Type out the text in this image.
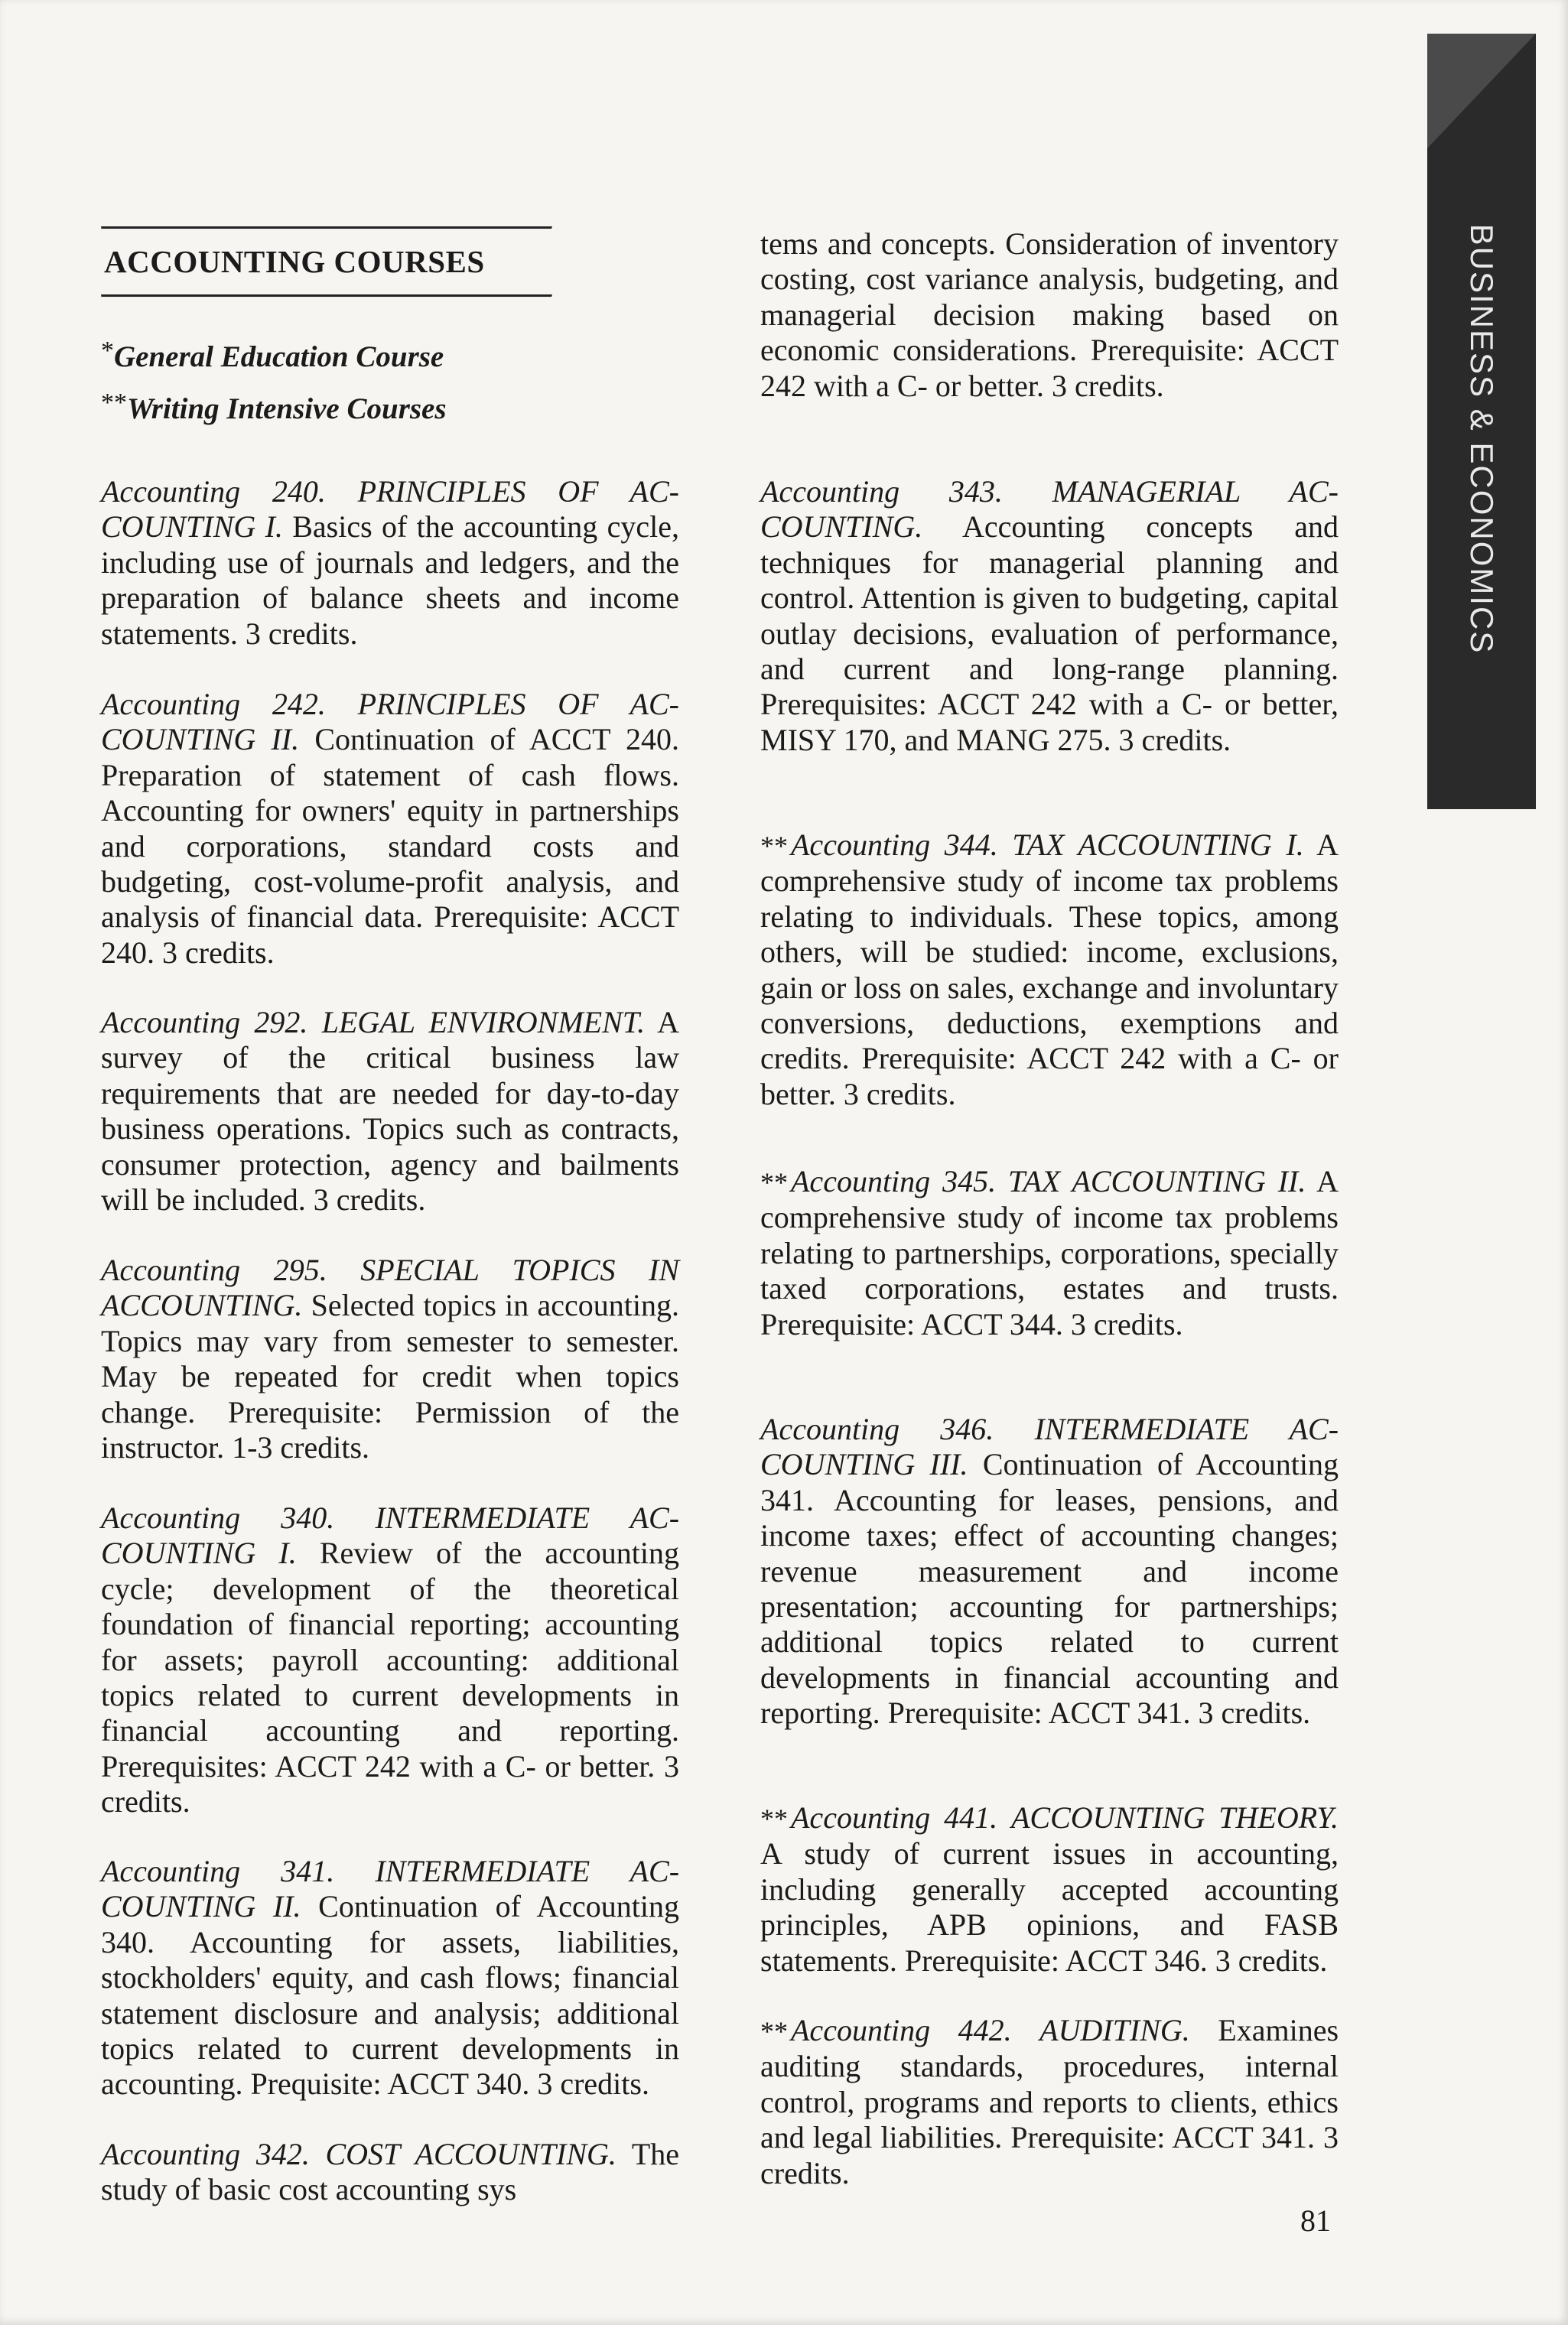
ACCOUNTING COURSES

*General Education Course

**Writing Intensive Courses

Accounting 240. PRINCIPLES OF ACCOUNTING I. Basics of the accounting cycle, including use of journals and ledgers, and the preparation of balance sheets and income statements. 3 credits.

Accounting 242. PRINCIPLES OF ACCOUNTING II. Continuation of ACCT 240. Preparation of statement of cash flows. Accounting for owners' equity in partnerships and corporations, standard costs and budgeting, cost-volume-profit analysis, and analysis of financial data. Prerequisite: ACCT 240. 3 credits.

Accounting 292. LEGAL ENVIRONMENT. A survey of the critical business law requirements that are needed for day-to-day business operations. Topics such as contracts, consumer protection, agency and bailments will be included. 3 credits.

Accounting 295. SPECIAL TOPICS IN ACCOUNTING. Selected topics in accounting. Topics may vary from semester to semester. May be repeated for credit when topics change. Prerequisite: Permission of the instructor. 1-3 credits.

Accounting 340. INTERMEDIATE ACCOUNTING I. Review of the accounting cycle; development of the theoretical foundation of financial reporting; accounting for assets; payroll accounting: additional topics related to current developments in financial accounting and reporting. Prerequisites: ACCT 242 with a C- or better. 3 credits.

Accounting 341. INTERMEDIATE ACCOUNTING II. Continuation of Accounting 340. Accounting for assets, liabilities, stockholders' equity, and cash flows; financial statement disclosure and analysis; additional topics related to current developments in accounting. Prequisite: ACCT 340. 3 credits.

Accounting 342. COST ACCOUNTING. The study of basic cost accounting sys

tems and concepts. Consideration of inventory costing, cost variance analysis, budgeting, and managerial decision making based on economic considerations. Prerequisite: ACCT 242 with a C- or better. 3 credits.

Accounting 343. MANAGERIAL ACCOUNTING. Accounting concepts and techniques for managerial planning and control. Attention is given to budgeting, capital outlay decisions, evaluation of performance, and current and long-range planning. Prerequisites: ACCT 242 with a C- or better, MISY 170, and MANG 275. 3 credits.

** Accounting 344. TAX ACCOUNTING I. A comprehensive study of income tax problems relating to individuals. These topics, among others, will be studied: income, exclusions, gain or loss on sales, exchange and involuntary conversions, deductions, exemptions and credits. Prerequisite: ACCT 242 with a C- or better. 3 credits.

** Accounting 345. TAX ACCOUNTING II. A comprehensive study of income tax problems relating to partnerships, corporations, specially taxed corporations, estates and trusts. Prerequisite: ACCT 344. 3 credits.

Accounting 346. INTERMEDIATE ACCOUNTING III. Continuation of Accounting 341. Accounting for leases, pensions, and income taxes; effect of accounting changes; revenue measurement and income presentation; accounting for partnerships; additional topics related to current developments in financial accounting and reporting. Prerequisite: ACCT 341. 3 credits.

** Accounting 441. ACCOUNTING THEORY. A study of current issues in accounting, including generally accepted accounting principles, APB opinions, and FASB statements. Prerequisite: ACCT 346. 3 credits.

** Accounting 442. AUDITING. Examines auditing standards, procedures, internal control, programs and reports to clients, ethics and legal liabilities. Prerequisite: ACCT 341. 3 credits.

81

BUSINESS & ECONOMICS
